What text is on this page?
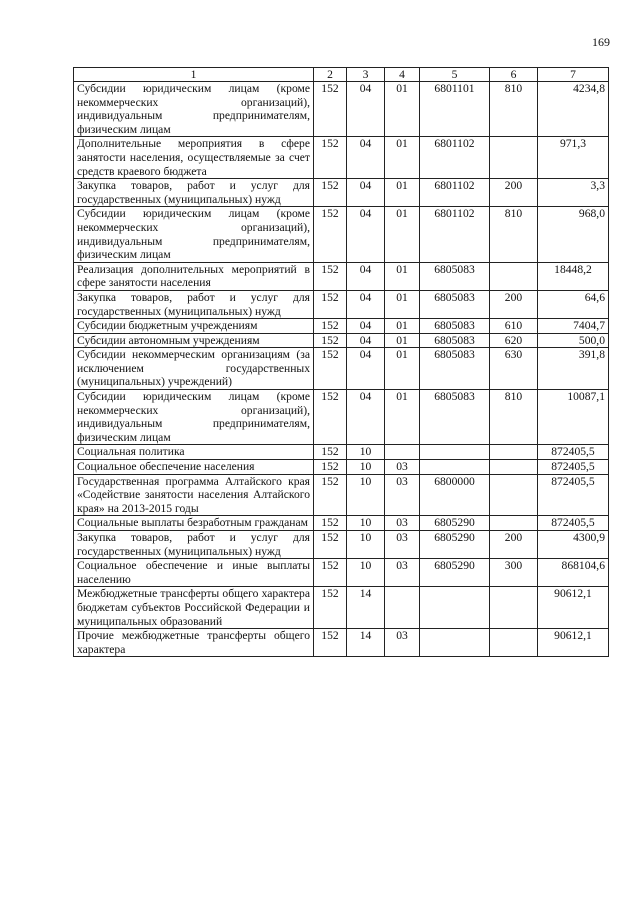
169
1	2	3	4	5	6	7
Субсидии юридическим лицам (кроме некоммерческих организаций), индивидуальным предпринимателям, физическим лицам	152	04	01	6801101	810	4234,8
Дополнительные мероприятия в сфере занятости населения, осуществляемые за счет средств краевого бюджета	152	04	01	6801102		971,3
Закупка товаров, работ и услуг для государственных (муниципальных) нужд	152	04	01	6801102	200	3,3
Субсидии юридическим лицам (кроме некоммерческих организаций), индивидуальным предпринимателям, физическим лицам	152	04	01	6801102	810	968,0
Реализация дополнительных мероприятий в сфере занятости населения	152	04	01	6805083		18448,2
Закупка товаров, работ и услуг для государственных (муниципальных) нужд	152	04	01	6805083	200	64,6
Субсидии бюджетным учреждениям	152	04	01	6805083	610	7404,7
Субсидии автономным учреждениям	152	04	01	6805083	620	500,0
Субсидии некоммерческим организациям (за исключением государственных (муниципальных) учреждений)	152	04	01	6805083	630	391,8
Субсидии юридическим лицам (кроме некоммерческих организаций), индивидуальным предпринимателям, физическим лицам	152	04	01	6805083	810	10087,1
Социальная политика	152	10				872405,5
Социальное обеспечение населения	152	10	03			872405,5
Государственная программа Алтайского края «Содействие занятости населения Алтайского края» на 2013-2015 годы	152	10	03	6800000		872405,5
Социальные выплаты безработным гражданам	152	10	03	6805290		872405,5
Закупка товаров, работ и услуг для государственных (муниципальных) нужд	152	10	03	6805290	200	4300,9
Социальное обеспечение и иные выплаты населению	152	10	03	6805290	300	868104,6
Межбюджетные трансферты общего характера бюджетам субъектов Российской Федерации и муниципальных образований	152	14				90612,1
Прочие межбюджетные трансферты общего характера	152	14	03			90612,1
